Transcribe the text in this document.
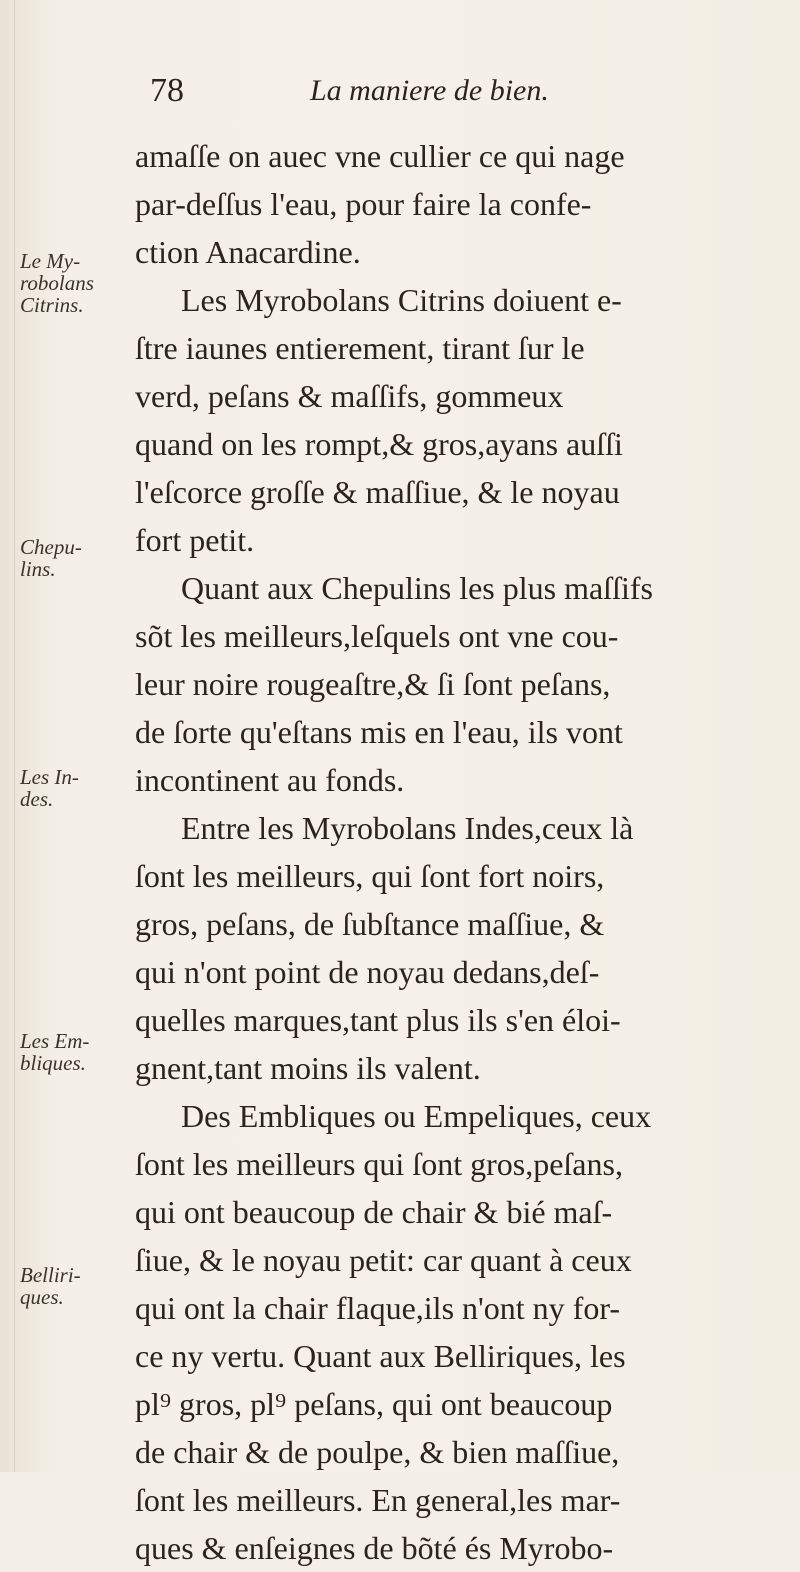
78	La maniere de bien.
Le My-
robolans
Citrins.
Chepu-
lins.
Les In-
des.
Les Em-
bliques.
Belliri-
ques.
amaſſe on auec vne cullier ce qui nage
par-deſſus l'eau, pour faire la confe-
ction Anacardine.
Les Myrobolans Citrins doiuent e-
ſtre iaunes entierement, tirant ſur le
verd, peſans & maſſifs, gommeux
quand on les rompt,& gros,ayans auſſi
l'eſcorce groſſe & maſſiue, & le noyau
fort petit.
Quant aux Chepulins les plus maſſifs
sõt les meilleurs,leſquels ont vne cou-
leur noire rougeaſtre,& ſi ſont peſans,
de ſorte qu'eſtans mis en l'eau, ils vont
incontinent au fonds.
Entre les Myrobolans Indes,ceux là
ſont les meilleurs, qui ſont fort noirs,
gros, peſans, de ſubſtance maſſiue, &
qui n'ont point de noyau dedans,deſ-
quelles marques,tant plus ils s'en éloi-
gnent,tant moins ils valent.
Des Embliques ou Empeliques, ceux
ſont les meilleurs qui ſont gros,peſans,
qui ont beaucoup de chair & bié maſ-
ſiue, & le noyau petit: car quant à ceux
qui ont la chair flaque,ils n'ont ny for-
ce ny vertu. Quant aux Belliriques, les
pl⁹ gros, pl⁹ peſans, qui ont beaucoup
de chair & de poulpe, & bien maſſiue,
ſont les meilleurs. En general,les mar-
ques & enſeignes de bõté és Myrobo-
